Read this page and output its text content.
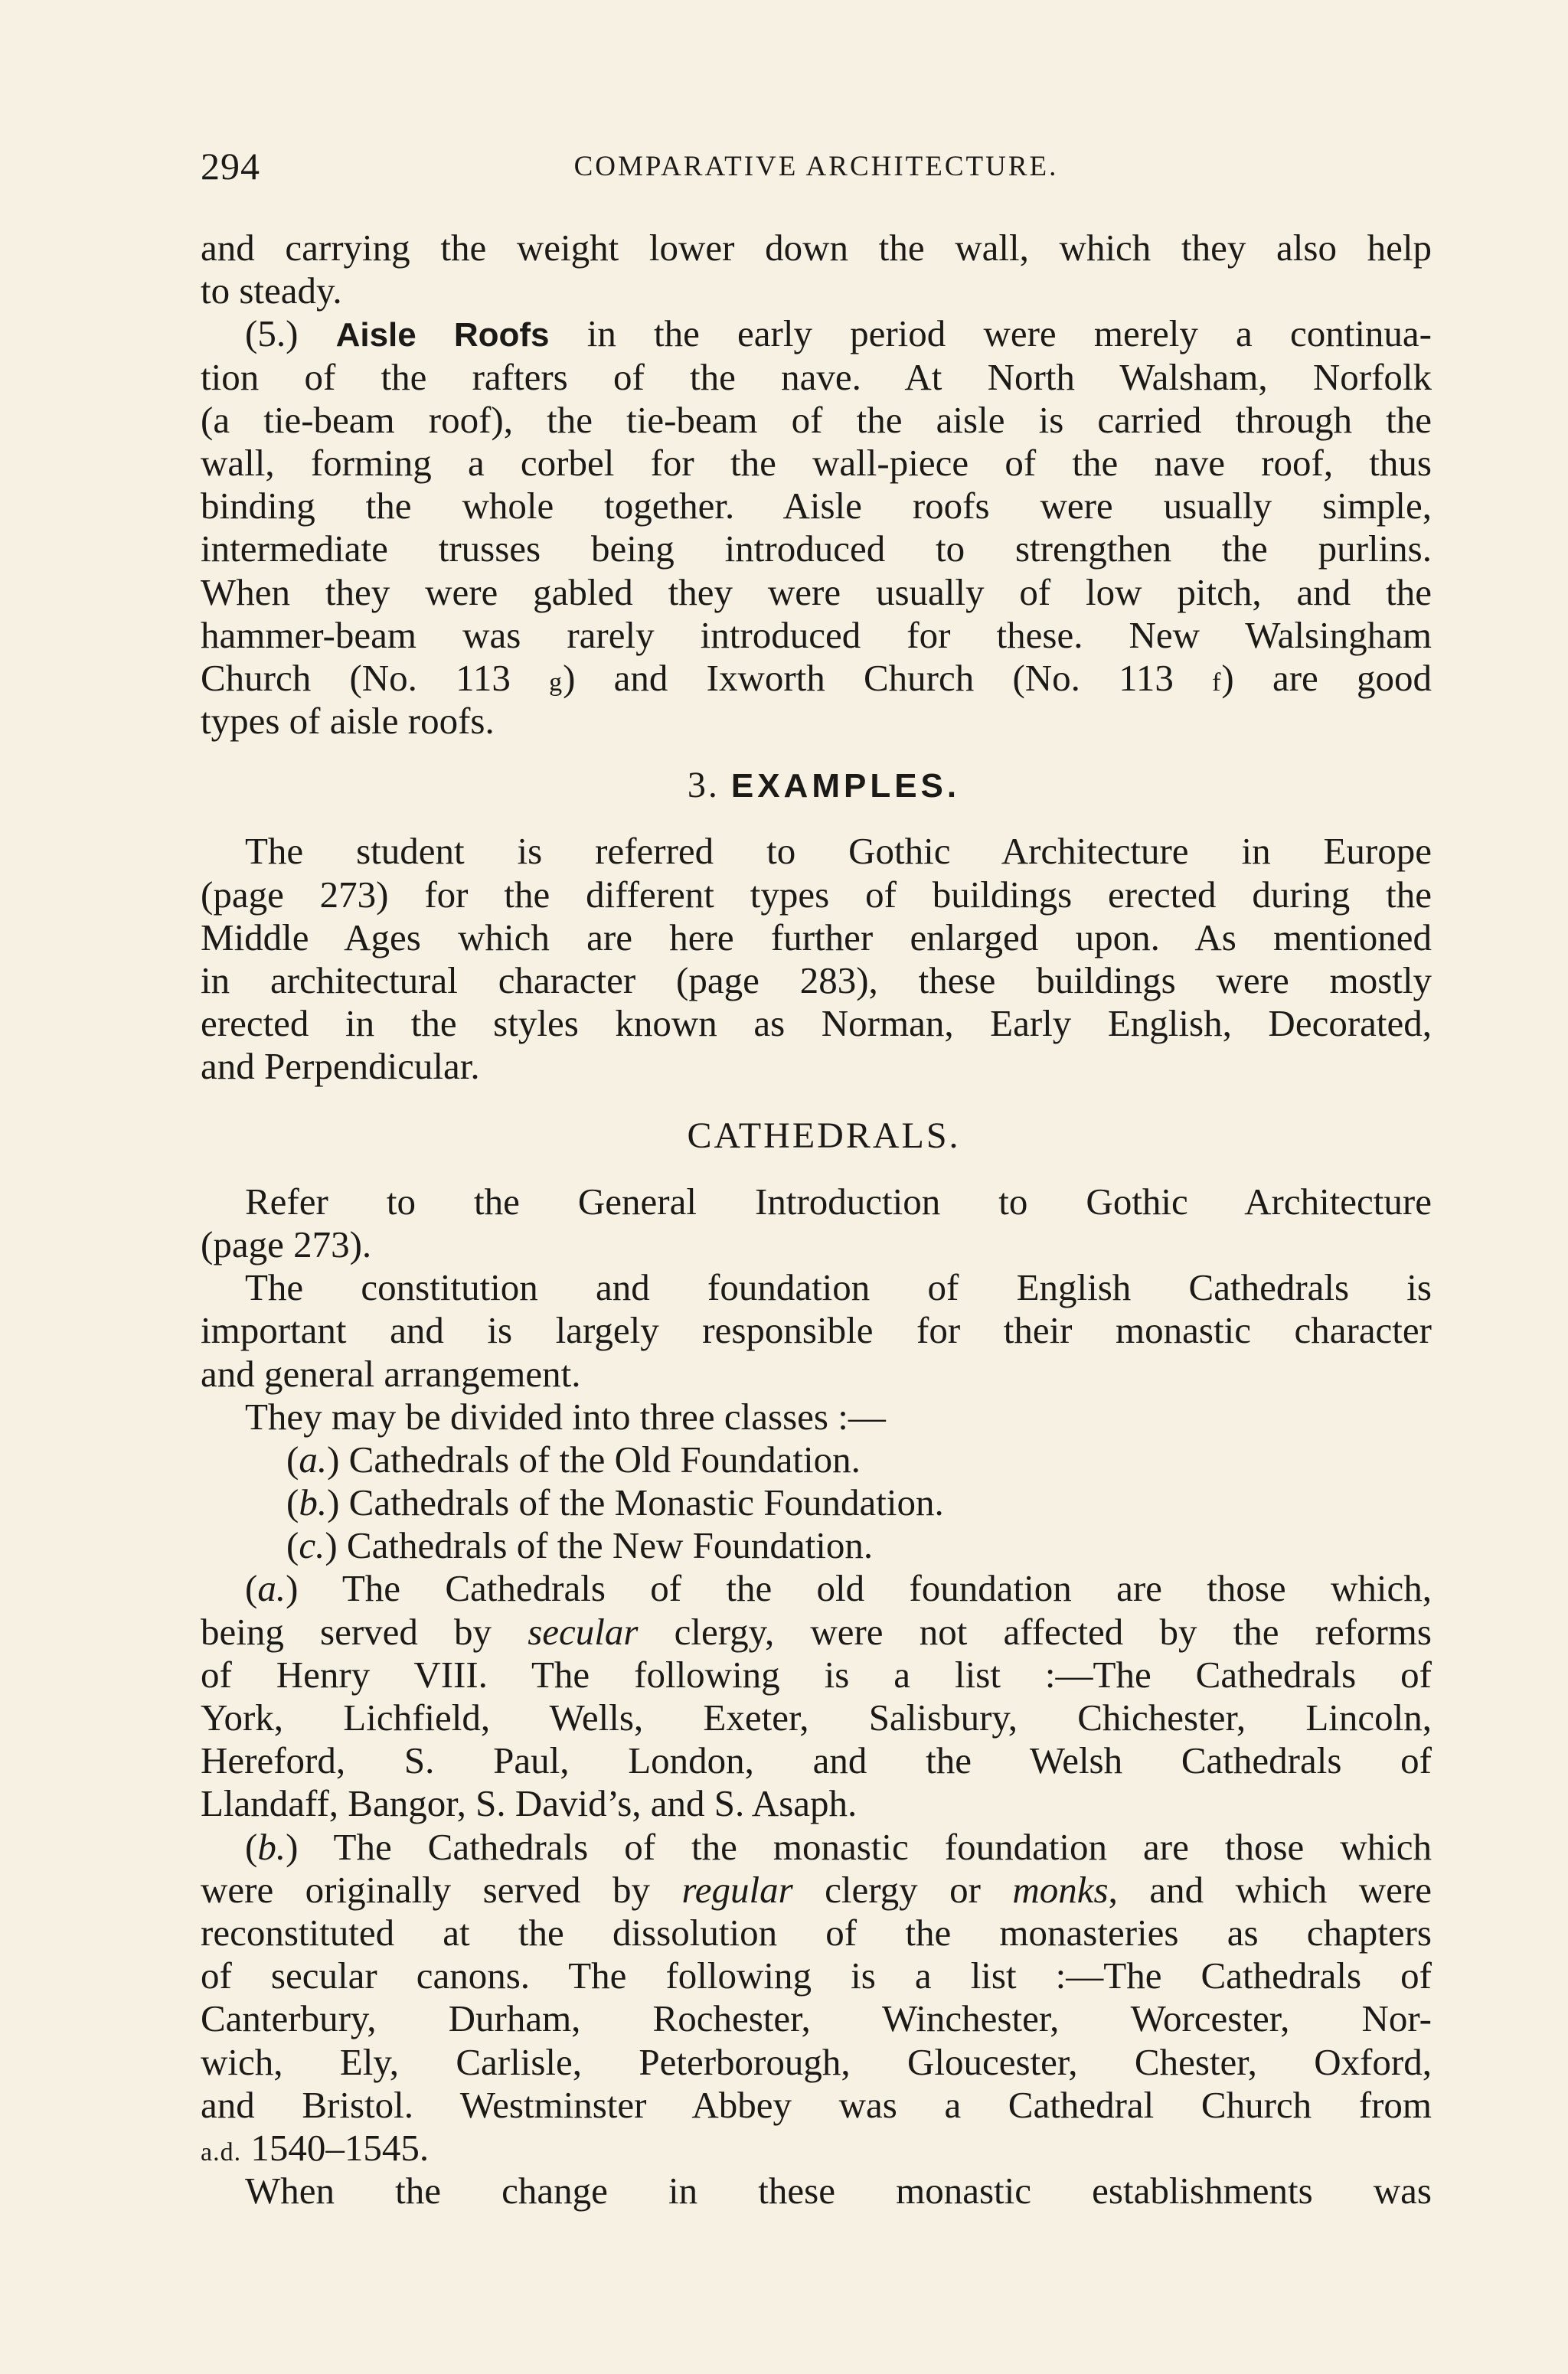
294	COMPARATIVE ARCHITECTURE.
and carrying the weight lower down the wall, which they also help
to steady.
(5.) Aisle Roofs in the early period were merely a continua-
tion of the rafters of the nave. At North Walsham, Norfolk
(a tie-beam roof), the tie-beam of the aisle is carried through the
wall, forming a corbel for the wall-piece of the nave roof, thus
binding the whole together. Aisle roofs were usually simple,
intermediate trusses being introduced to strengthen the purlins.
When they were gabled they were usually of low pitch, and the
hammer-beam was rarely introduced for these. New Walsingham
Church (No. 113 g) and Ixworth Church (No. 113 f) are good
types of aisle roofs.
3. EXAMPLES.
The student is referred to Gothic Architecture in Europe
(page 273) for the different types of buildings erected during the
Middle Ages which are here further enlarged upon. As mentioned
in architectural character (page 283), these buildings were mostly
erected in the styles known as Norman, Early English, Decorated,
and Perpendicular.
CATHEDRALS.
Refer to the General Introduction to Gothic Architecture
(page 273).
The constitution and foundation of English Cathedrals is
important and is largely responsible for their monastic character
and general arrangement.
They may be divided into three classes :—
(a.) Cathedrals of the Old Foundation.
(b.) Cathedrals of the Monastic Foundation.
(c.) Cathedrals of the New Foundation.
(a.) The Cathedrals of the old foundation are those which,
being served by secular clergy, were not affected by the reforms
of Henry VIII. The following is a list :—The Cathedrals of
York, Lichfield, Wells, Exeter, Salisbury, Chichester, Lincoln,
Hereford, S. Paul, London, and the Welsh Cathedrals of
Llandaff, Bangor, S. David’s, and S. Asaph.
(b.) The Cathedrals of the monastic foundation are those which
were originally served by regular clergy or monks, and which were
reconstituted at the dissolution of the monasteries as chapters
of secular canons. The following is a list :—The Cathedrals of
Canterbury, Durham, Rochester, Winchester, Worcester, Nor-
wich, Ely, Carlisle, Peterborough, Gloucester, Chester, Oxford,
and Bristol. Westminster Abbey was a Cathedral Church from
a.d. 1540–1545.
When the change in these monastic establishments was
